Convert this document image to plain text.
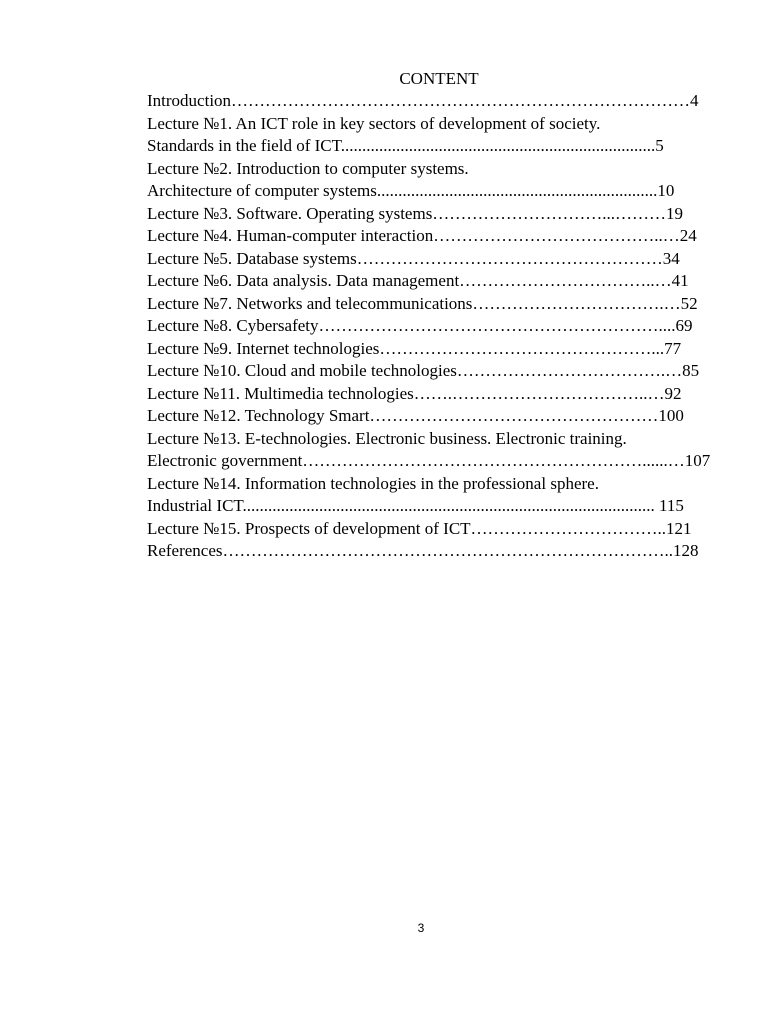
CONTENT
Introduction………………………………………………………………………4
Lecture №1. An ICT role in key sectors of development of society.
Standards in the field of ICT..........................................................................5
Lecture №2. Introduction to computer systems.
Architecture of computer systems..................................................................10
Lecture №3. Software. Operating systems…………………………...………19
Lecture №4. Human-computer interaction…………………………………..…24
Lecture №5. Database systems………………………………………………34
Lecture №6. Data analysis. Data management……………………………..…41
Lecture №7. Networks and telecommunications…………………………….…52
Lecture №8. Cybersafety……………………………………………………....69
Lecture №9. Internet technologies…………………………………………...77
Lecture №10. Cloud and mobile technologies……………………………….…85
Lecture №11. Multimedia technologies…….……………………………..…92
Lecture №12. Technology Smart……………………………………………100
Lecture №13. E-technologies. Electronic business. Electronic training.
Electronic government……………………………………………………......…107
Lecture №14. Information technologies in the professional sphere.
Industrial ICT................................................................................................. 115
Lecture №15. Prospects of development of ICT……………………………..121
References……………………………………………………………………..128
3
